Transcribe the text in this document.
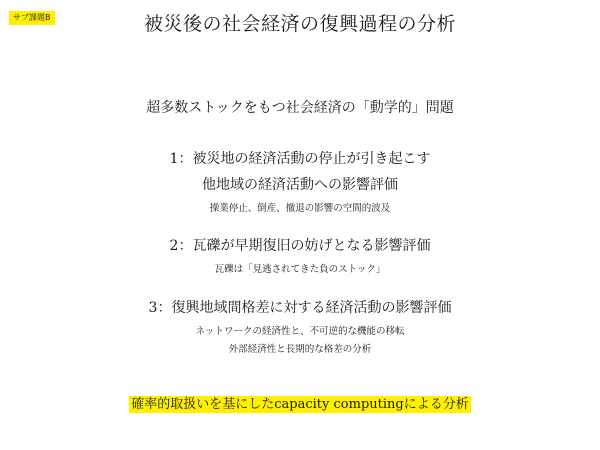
サブ課題B	被災後の社会経済の復興過程の分析
超多数ストックをもつ社会経済の「動学的」問題
1：被災地の経済活動の停止が引き起こす
他地域の経済活動への影響評価
操業停止、倒産、撤退の影響の空間的波及
2：瓦礫が早期復旧の妨げとなる影響評価
瓦礫は「見逃されてきた負のストック」
3：復興地域間格差に対する経済活動の影響評価
ネットワークの経済性と、不可逆的な機能の移転
外部経済性と長期的な格差の分析
確率的取扱いを基にしたcapacity computingによる分析
